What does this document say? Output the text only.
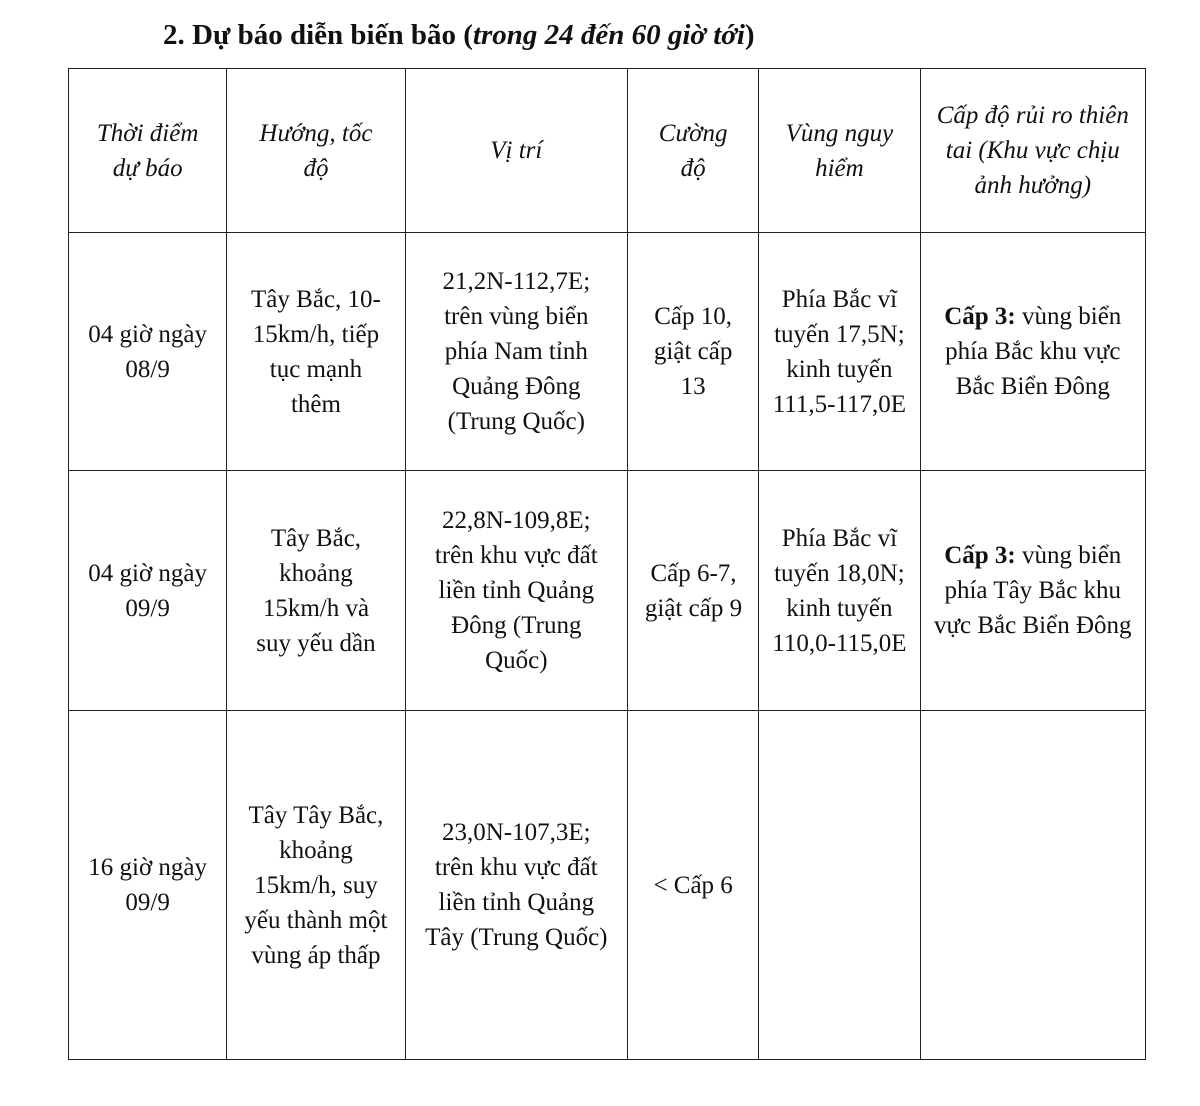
2. Dự báo diễn biến bão (trong 24 đến 60 giờ tới)
Thời điểm dự báo	Hướng, tốc độ	Vị trí	Cường độ	Vùng nguy hiểm	Cấp độ rủi ro thiên tai (Khu vực chịu ảnh hưởng)
04 giờ ngày 08/9	Tây Bắc, 10-15km/h, tiếp tục mạnh thêm	21,2N-112,7E; trên vùng biển phía Nam tỉnh Quảng Đông (Trung Quốc)	Cấp 10, giật cấp 13	Phía Bắc vĩ tuyến 17,5N; kinh tuyến 111,5-117,0E	Cấp 3: vùng biển phía Bắc khu vực Bắc Biển Đông
04 giờ ngày 09/9	Tây Bắc, khoảng 15km/h và suy yếu dần	22,8N-109,8E; trên khu vực đất liền tỉnh Quảng Đông (Trung Quốc)	Cấp 6-7, giật cấp 9	Phía Bắc vĩ tuyến 18,0N; kinh tuyến 110,0-115,0E	Cấp 3: vùng biển phía Tây Bắc khu vực Bắc Biển Đông
16 giờ ngày 09/9	Tây Tây Bắc, khoảng 15km/h, suy yếu thành một vùng áp thấp	23,0N-107,3E; trên khu vực đất liền tỉnh Quảng Tây (Trung Quốc)	< Cấp 6		
